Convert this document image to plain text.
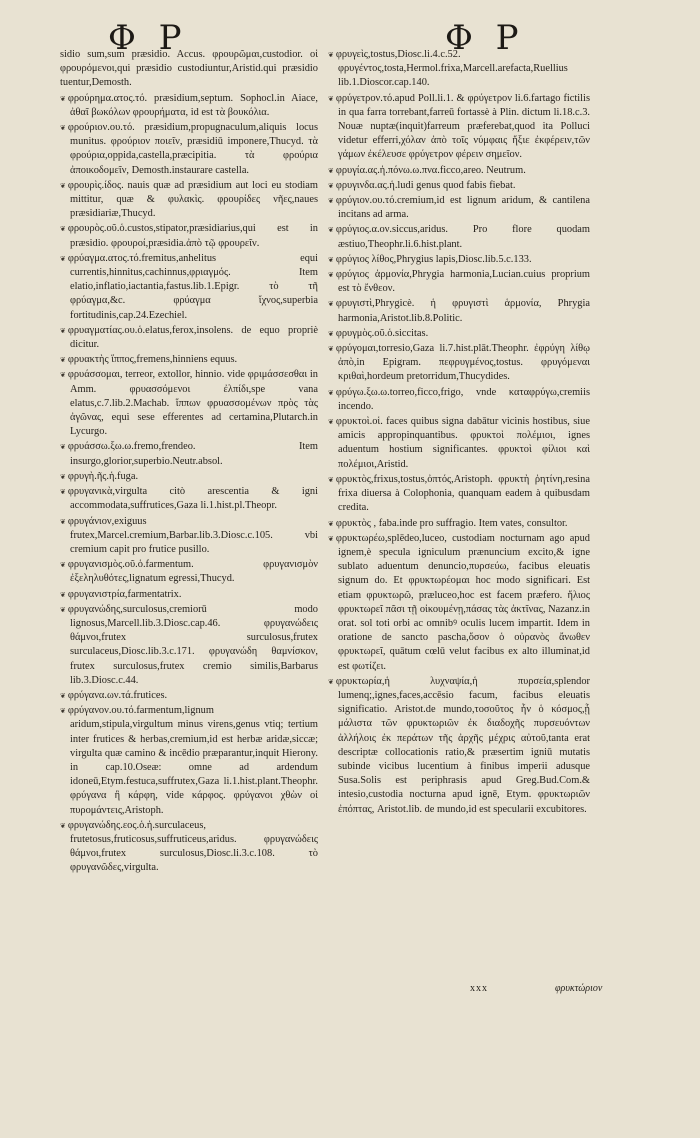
Φ Ρ	Φ Ρ

sidio sum,sum præsidio. Accus. φρουρῶμαι,custodior. οἱ φρουρόμενοι,qui præsidio custodiuntur,Aristid.qui præsidio tuentur,Demosth.

❦ φρούρημα.ατος.τό. præsidium,septum. Sophocl.in Aiace, ἀθαῖ βωκόλων φρουρήματα, id est τὰ βουκόλια.

❦ φρούριον.ου.τό. præsidium,propugnaculum,aliquis locus munitus. φρούριον ποιεῖν, præsidiū imponere,Thucyd. τὰ φρούρια,oppida,castella,præcipitia. τὰ φρούρια ἀποικοδομεῖν, Demosth.instaurare castella.

❦ φρουρὶς.ίδος. nauis quæ ad præsidium aut loci eu stodiam mittitur, quæ & φυλακὶς. φρουρίδες νῆες,naues præsidiariæ,Thucyd.

❦ φρουρὸς.οῦ.ὁ.custos,stipator,præsidiarius,qui est in præsidio. φρουροί,præsidia.ἀπὸ τῷ φρουρεῖν.

❦ φρύαγμα.ατος.τό.fremitus,anhelitus equi currentis,hinnitus,cachinnus,φριαγμός. Item elatio,inflatio,iactantia,fastus.lib.1.Epigr. τὸ τῆ φρύαγμα,&c. φρύαγμα ἴχνος,superbia fortitudinis,cap.24.Ezechiel.

❦ φρυαγματίας.ου.ὁ.elatus,ferox,insolens. de equo propriè dicitur.

❦ φρυακτὴς ἵππος,fremens,hinniens equus.

❦ φρυάσσομαι, terreor, extollor, hinnio. vide φριμάσσεσθαι in Amm. φρυασσόμενοι ἐλπίδι,spe vana elatus,c.7.lib.2.Machab. ἵππων φρυασσομένων πρὸς τὰς ἀγῶνας, equi sese efferentes ad certamina,Plutarch.in Lycurgo.

❦ φρυάσσω.ξω.ω.fremo,frendeo. Item insurgo,glorior,superbio.Neutr.absol.

❦ φρυγὴ.ῆς.ἡ.fuga.

❦ φρυγανικὰ,virgulta citò arescentia & igni accommodata,suffrutices,Gaza li.1.hist.pl.Theopr.

❦ φρυγάνιον,exiguus frutex,Marcel.cremium,Barbar.lib.3.Diosc.c.105. vbi cremium capit pro frutice pusillo.

❦ φρυγανισμὸς.οῦ.ὁ.farmentum. φρυγανισμὸν ἐξεληλυθότες,lignatum egressi,Thucyd.

❦ φρυγανιστρία,farmentatrix.

❦ φρυγανώδης,surculosus,cremiorū modo lignosus,Marcell.lib.3.Diosc.cap.46. φρυγανώδεις θάμνοι,frutex surculosus,frutex surculaceus,Diosc.lib.3.c.171. φρυγανώδη θαμνίσκον, frutex surculosus,frutex cremio similis,Barbarus lib.3.Diosc.c.44.

❦ φρύγανα.ων.τά.frutices.

❦ φρύγανον.ου.τό.farmentum,lignum aridum,stipula,virgultum minus virens,genus vtiq; tertium inter frutices & herbas,cremium,id est herbæ aridæ,siccæ; virgulta quæ camino & incēdio præparantur,inquit Hierony. in cap.10.Oseæ: omne ad ardendum idoneū,Etym.festuca,suffrutex,Gaza li.1.hist.plant.Theophr. φρύγανα ἢ κάρφη, vide κάρφος. φρύγανοι χθὼν οἱ πυρομάντεις,Aristoph.

❦ φρυγανώδης.εος.ὁ.ἡ.surculaceus, frutetosus,fruticosus,suffruticeus,aridus. φρυγανώδεις θάμνοι,frutex surculosus,Diosc.li.3.c.108. τὸ φρυγανῶδες,virgulta.

❦ φρυγεὶς,tostus,Diosc.li.4.c.52. φρυγέντος,tosta,Hermol.frixa,Marcell.arefacta,Ruellius lib.1.Dioscor.cap.140.

❦ φρύγετρον.τό.apud Poll.li.1. & φρύγετρον li.6.fartago fictilis in qua farra torrebant,farreū fortassè à Plin. dictum li.18.c.3. Nouæ nuptæ(inquit)farreum præferebat,quod ita Polluci videtur efferri,χόλαν ἀπὸ τοῖς νύμφαις ἥξιε ἐκφέρειν,τῶν γάμων ἐκέλευσε φρύγετρον φέρειν σημεῖον.

❦ φρυγία.ας.ἡ.πόνω.ω.πνα.ficco,areo. Neutrum.

❦ φρυγινδα.ας.ἡ.ludi genus quod fabis fiebat.

❦ φρύγιον.ου.τό.cremium,id est lignum aridum, & cantilena incitans ad arma.

❦ φρύγιος.α.ον.siccus,aridus. Pro flore quodam æstiuo,Theophr.li.6.hist.plant.

❦ φρύγιος λίθος,Phrygius lapis,Diosc.lib.5.c.133.

❦ φρύγιος ἁρμονία,Phrygia harmonia,Lucian.cuius proprium est τὸ ἔνθεον.

❦ φρυγιστὶ,Phrygicè. ἡ φρυγιστὶ ἁρμονία, Phrygia harmonia,Aristot.lib.8.Politic.

❦ φρυγμὸς.οῦ.ὁ.siccitas.

❦ φρύγομαι,torresio,Gaza li.7.hist.plāt.Theophr. ἐφρύγη λίθῳ ἀπὸ,in Epigram. πεφρυγμένος,tostus. φρυγόμεναι κριθαὶ,hordeum pretorridum,Thucydides.

❦ φρύγω.ξω.ω.torreo,ficco,frigo, vnde καταφρύγω,cremiis incendo.

❦ φρυκτοὶ.οἱ. faces quibus signa dabātur vicinis hostibus, siue amicis appropinquantibus. φρυκτοὶ πολέμιοι, ignes aduentum hostium significantes. φρυκτοὶ φίλιοι καὶ πολέμιοι,Aristid.

❦ φρυκτὸς,frixus,tostus,ὀπτός,Aristoph. φρυκτὴ ῥητίνη,resina frixa diuersa à Colophonia, quanquam eadem à quibusdam credita.

❦ φρυκτὸς , faba.inde pro suffragio. Item vates, consultor.

❦ φρυκτωρέω,splēdeo,luceo, custodiam nocturnam ago apud ignem,è specula igniculum prænuncium excito,& igne sublato aduentum denuncio,πυρσεύω, facibus eleuatis signum do. Et φρυκτωρέομαι hoc modo significari. Est etiam φρυκτωρῶ, præluceo,hoc est facem præfero. ἥλιος φρυκτωρεῖ πᾶσι τῇ οἰκουμένῃ,πάσας τὰς ἀκτῖνας, Nazanz.in orat. sol toti orbi ac omnibꝰ oculis lucem impartit. Idem in oratione de sancto pascha,ὅσον ὁ οὐρανὸς ἄνωθεν φρυκτωρεῖ, quātum cœlū velut facibus ex alto illuminat,id est φωτίζει.

❦ φρυκτωρία,ἡ λυχναψία,ἡ πυρσεία,splendor lumenq;,ignes,faces,accēsio facum, facibus eleuatis significatio. Aristot.de mundo,τοσοῦτος ἦν ὁ κόσμος,ᾗ μάλιστα τῶν φρυκτωριῶν ἐκ διαδοχῆς πυρσευόντων ἀλλήλοις ἐκ περάτων τῆς ἀρχῆς μέχρις αὐτοῦ,tanta erat descriptæ collocationis ratio,& præsertim igniū mutatis subinde vicibus lucentium à finibus imperii adusque Susa.Solis est periphrasis apud Greg.Bud.Com.& intesio,custodia nocturna apud ignē, Etym. φρυκτωριῶν ἐπόπτας, Aristot.lib. de mundo,id est specularii excubitores.

xxx	φρυκτώριον
